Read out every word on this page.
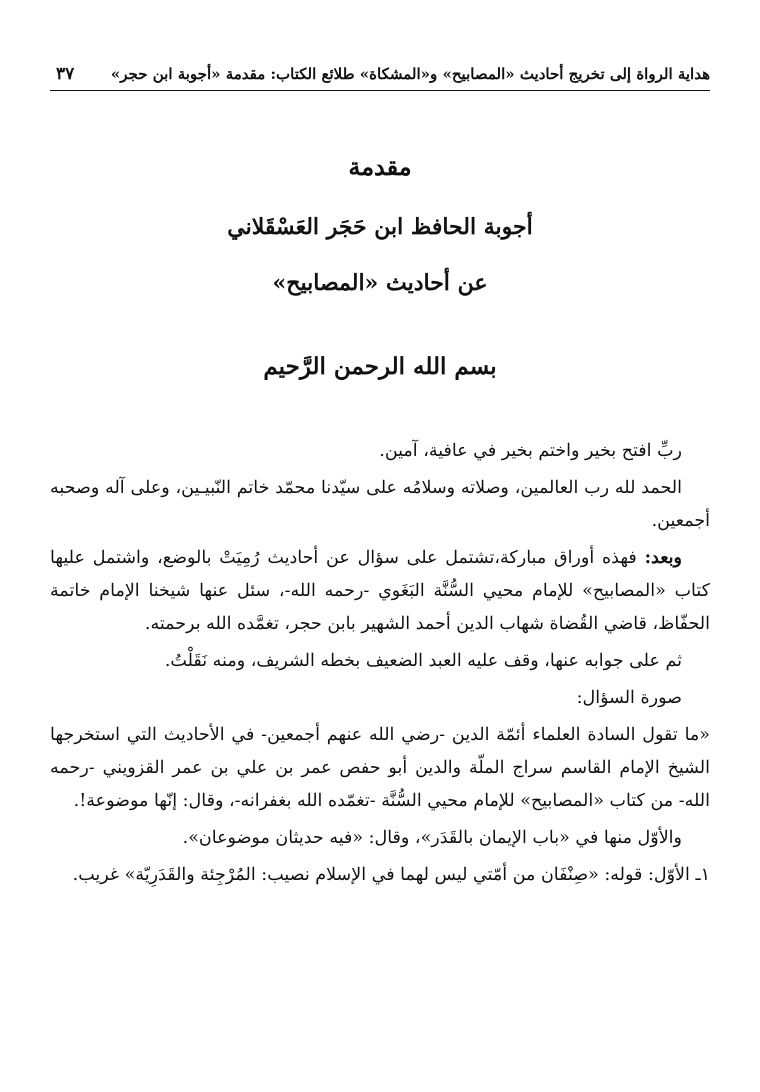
هداية الرواة إلى تخريج أحاديث «المصابيح» و«المشكاة» طلائع الكتاب: مقدمة «أجوبة ابن حجر»
٣٧
مقدمة
أجوبة الحافظ ابن حَجَر العَسْقَلاني
عن أحاديث «المصابيح»
بسم الله الرحمن الرَّحيم

ربِّ افتح بخير واختم بخير في عافية، آمين.

الحمد لله رب العالمين، وصلاته وسلامُه على سيّدنا محمّد خاتم النّبيـين، وعلى آله وصحبه أجمعين.

وبعد: فهذه أوراق مباركة،تشتمل على سؤال عن أحاديث رُمِيَتْ بالوضع، واشتمل عليها كتاب «المصابيح» للإمام محيي السُّنَّة البَغَوي -رحمه الله-، سئل عنها شيخنا الإمام خاتمة الحفّاظ، قاضي القُضاة شهاب الدين أحمد الشهير بابن حجر، تغمَّده الله برحمته.

ثم على جوابه عنها، وقف عليه العبد الضعيف بخطه الشريف، ومنه نَقَلْتُ.

صورة السؤال:

«ما تقول السادة العلماء أئمّة الدين -رضي الله عنهم أجمعين- في الأحاديث التي استخرجها الشيخ الإمام القاسم سراج الملّة والدين أبو حفص عمر بن علي بن عمر القزويني -رحمه الله- من كتاب «المصابيح» للإمام محيي السُّنَّة -تغمّده الله بغفرانه-، وقال: إنّها موضوعة!.

والأوّل منها في «باب الإيمان بالقَدَر»، وقال: «فيه حديثان موضوعان».

١ـ الأوّل: قوله: «صِنْفَان من أمّتي ليس لهما في الإسلام نصيب: المُرْجِئة والقَدَرِيّة» غريب.
